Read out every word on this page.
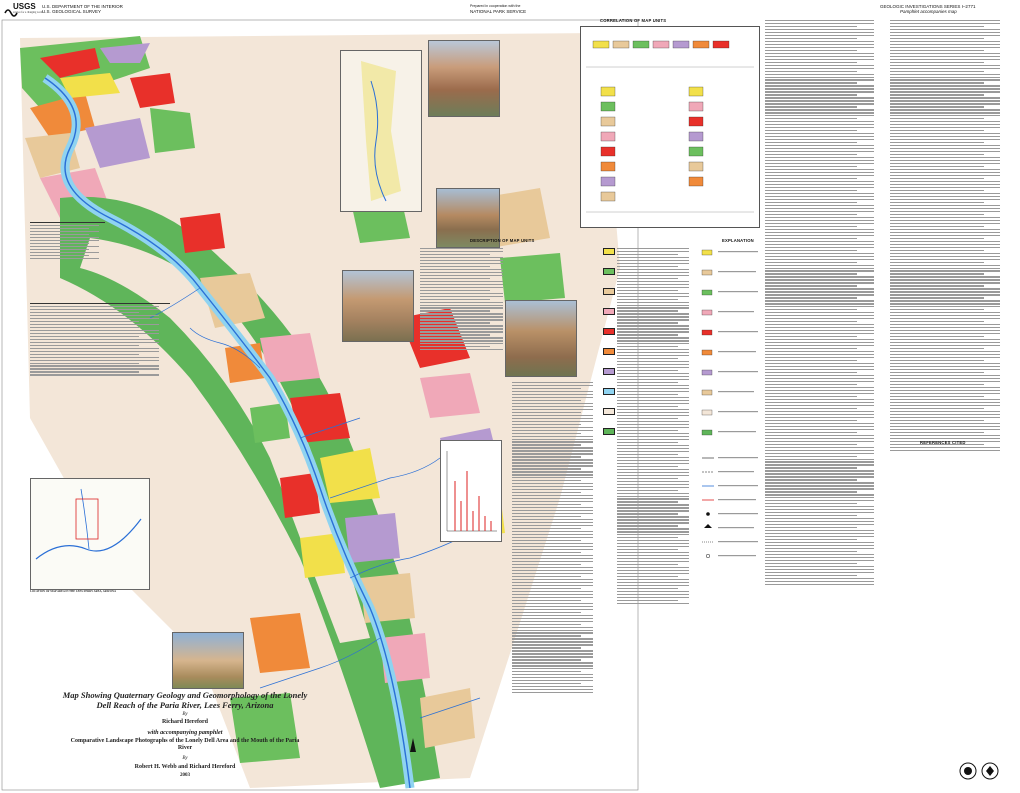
USGS
science for a changing world
U.S. DEPARTMENT OF THE INTERIOR
U.S. GEOLOGICAL SURVEY
Prepared in cooperation with the
NATIONAL PARK SERVICE
GEOLOGIC INVESTIGATIONS SERIES I–2771
Pamphlet accompanies map
LOCATION OF MAP AREA IN THE LEES FERRY AREA, ARIZONA
Map Showing Quaternary Geology and Geomorphology of the Lonely Dell Reach of the Paria River, Lees Ferry, Arizona
By
Richard Hereford
with accompanying pamphlet
Comparative Landscape Photographs of the Lonely Dell Area and the Mouth of the Paria River
By
Robert H. Webb and Richard Hereford
2003
CORRELATION OF MAP UNITS
DESCRIPTION OF MAP UNITS	EXPLANATION
REFERENCES CITED
